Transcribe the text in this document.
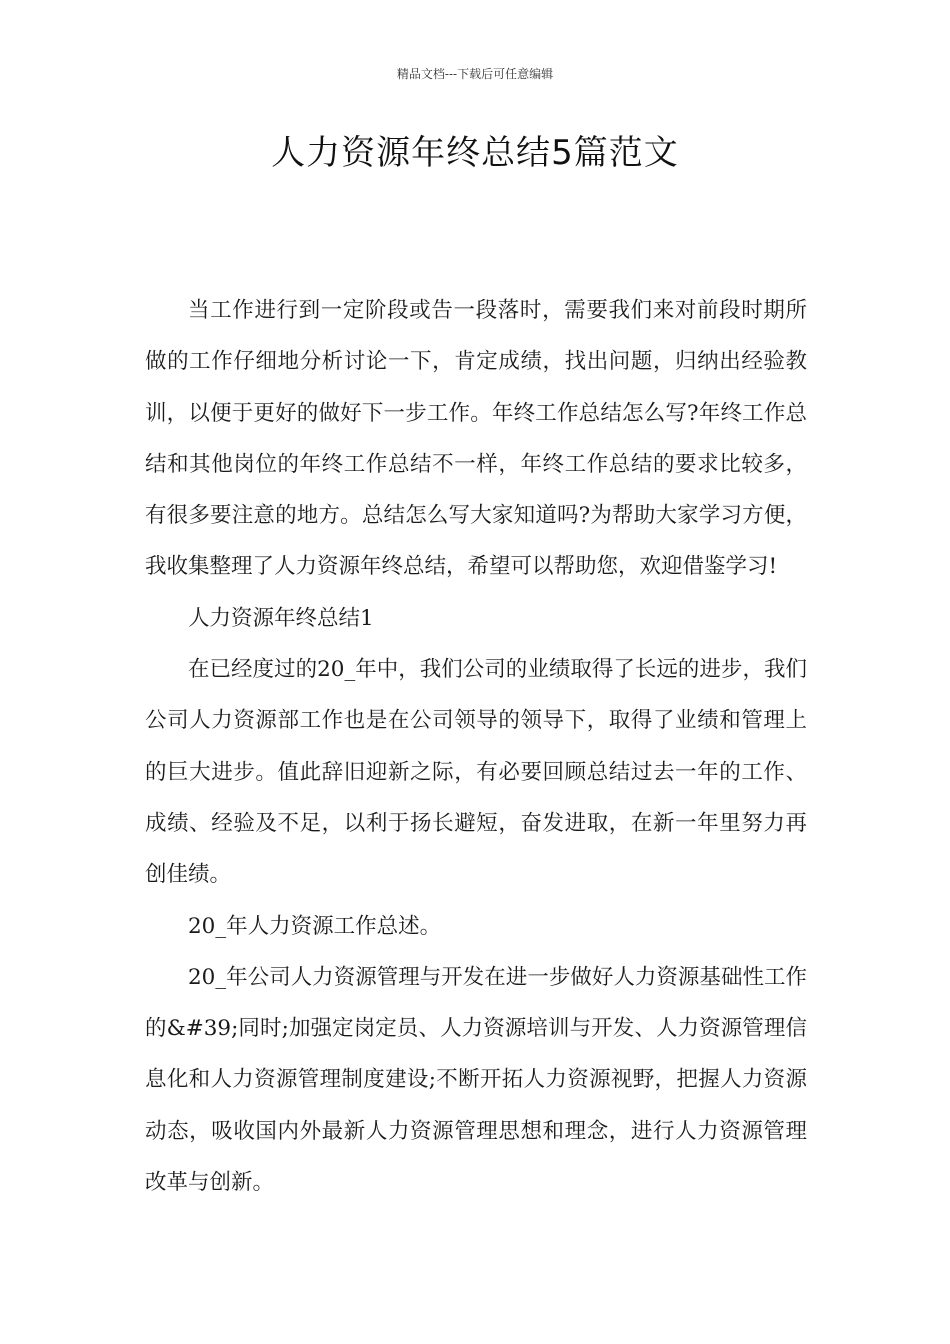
精品文档---下载后可任意编辑
人力资源年终总结5篇范文

当工作进行到一定阶段或告一段落时，需要我们来对前段时期所做的工作仔细地分析讨论一下，肯定成绩，找出问题，归纳出经验教训，以便于更好的做好下一步工作。年终工作总结怎么写?年终工作总结和其他岗位的年终工作总结不一样，年终工作总结的要求比较多，有很多要注意的地方。总结怎么写大家知道吗?为帮助大家学习方便，我收集整理了人力资源年终总结，希望可以帮助您，欢迎借鉴学习!

人力资源年终总结1

在已经度过的20_年中，我们公司的业绩取得了长远的进步，我们公司人力资源部工作也是在公司领导的领导下，取得了业绩和管理上的巨大进步。值此辞旧迎新之际，有必要回顾总结过去一年的工作、成绩、经验及不足，以利于扬长避短，奋发进取，在新一年里努力再创佳绩。

20_年人力资源工作总述。

20_年公司人力资源管理与开发在进一步做好人力资源基础性工作的&#39;同时;加强定岗定员、人力资源培训与开发、人力资源管理信息化和人力资源管理制度建设;不断开拓人力资源视野，把握人力资源动态，吸收国内外最新人力资源管理思想和理念，进行人力资源管理改革与创新。
